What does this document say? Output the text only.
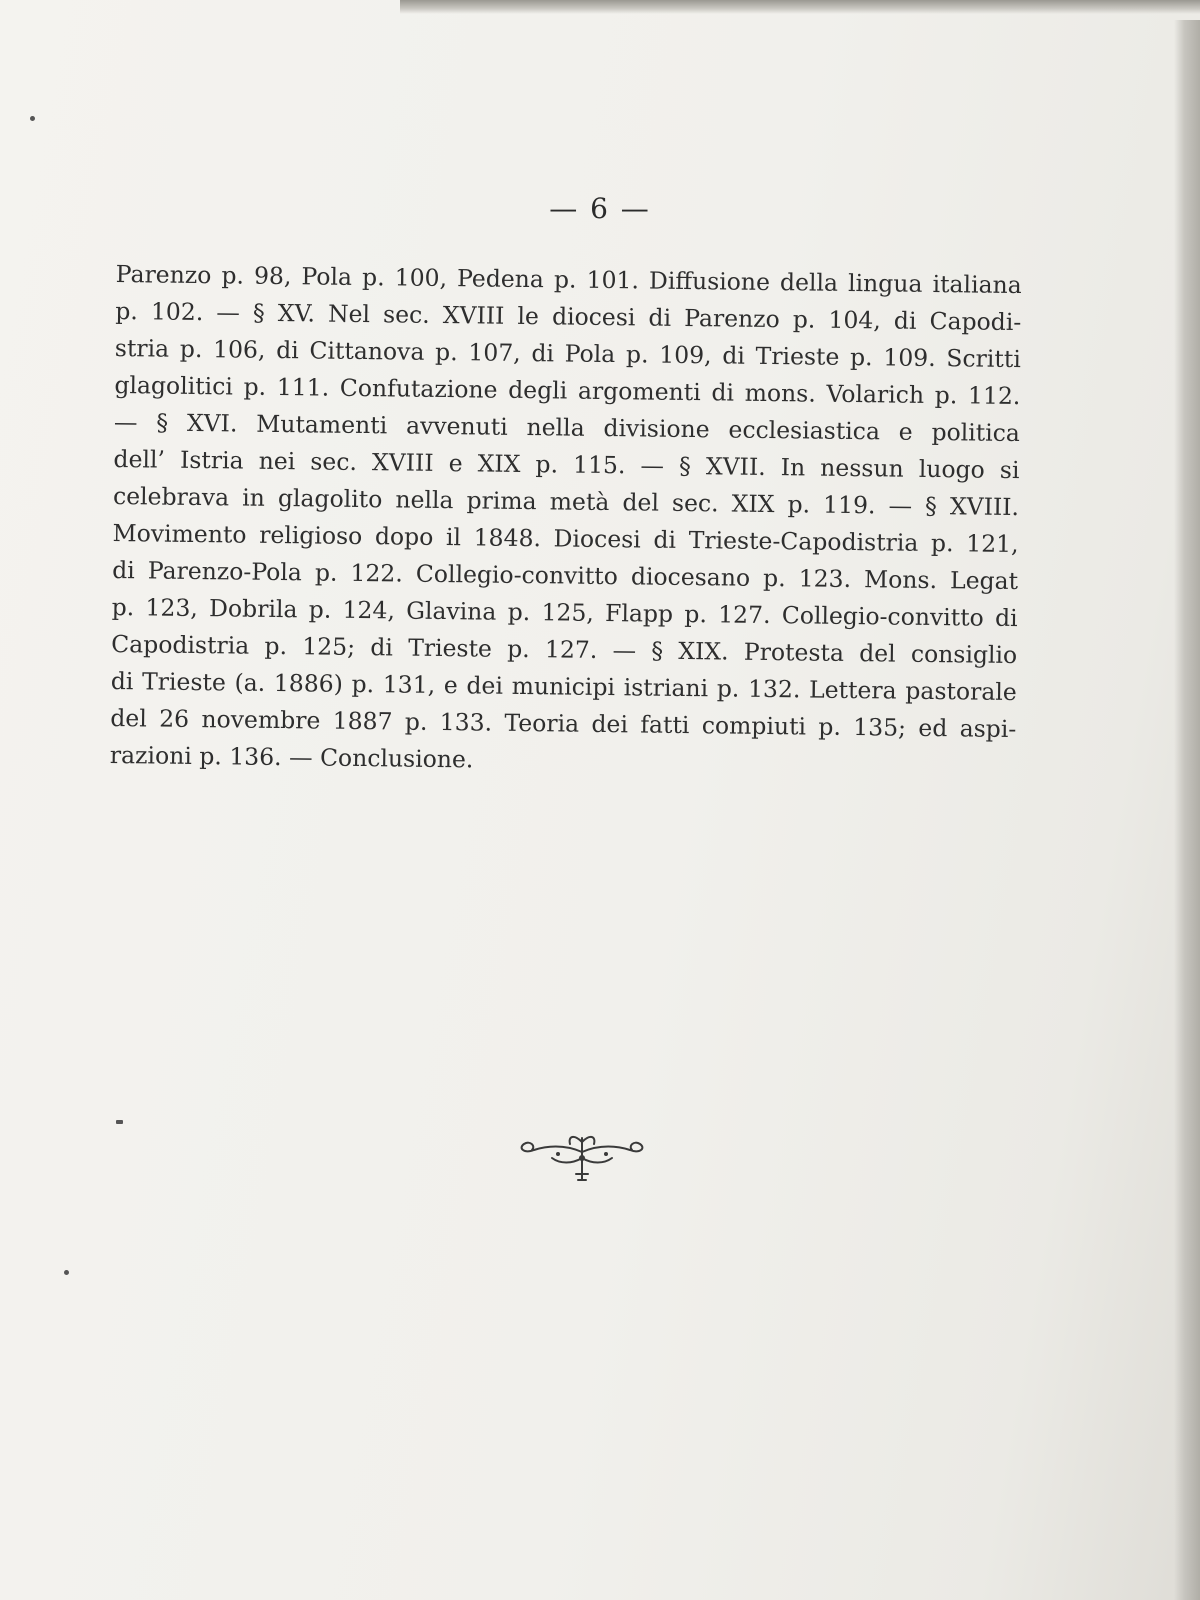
— 6 —
Parenzo p. 98, Pola p. 100, Pedena p. 101. Diffusione della lingua italiana
p. 102. — § XV. Nel sec. XVIII le diocesi di Parenzo p. 104, di Capodi-
stria p. 106, di Cittanova p. 107, di Pola p. 109, di Trieste p. 109. Scritti
glagolitici p. 111. Confutazione degli argomenti di mons. Volarich p. 112.
— § XVI. Mutamenti avvenuti nella divisione ecclesiastica e politica
dell’ Istria nei sec. XVIII e XIX p. 115. — § XVII. In nessun luogo si
celebrava in glagolito nella prima metà del sec. XIX p. 119. — § XVIII.
Movimento religioso dopo il 1848. Diocesi di Trieste-Capodistria p. 121,
di Parenzo-Pola p. 122. Collegio-convitto diocesano p. 123. Mons. Legat
p. 123, Dobrila p. 124, Glavina p. 125, Flapp p. 127. Collegio-convitto di
Capodistria p. 125; di Trieste p. 127. — § XIX. Protesta del consiglio
di Trieste (a. 1886) p. 131, e dei municipi istriani p. 132. Lettera pastorale
del 26 novembre 1887 p. 133. Teoria dei fatti compiuti p. 135; ed aspi-
razioni p. 136. — Conclusione.
